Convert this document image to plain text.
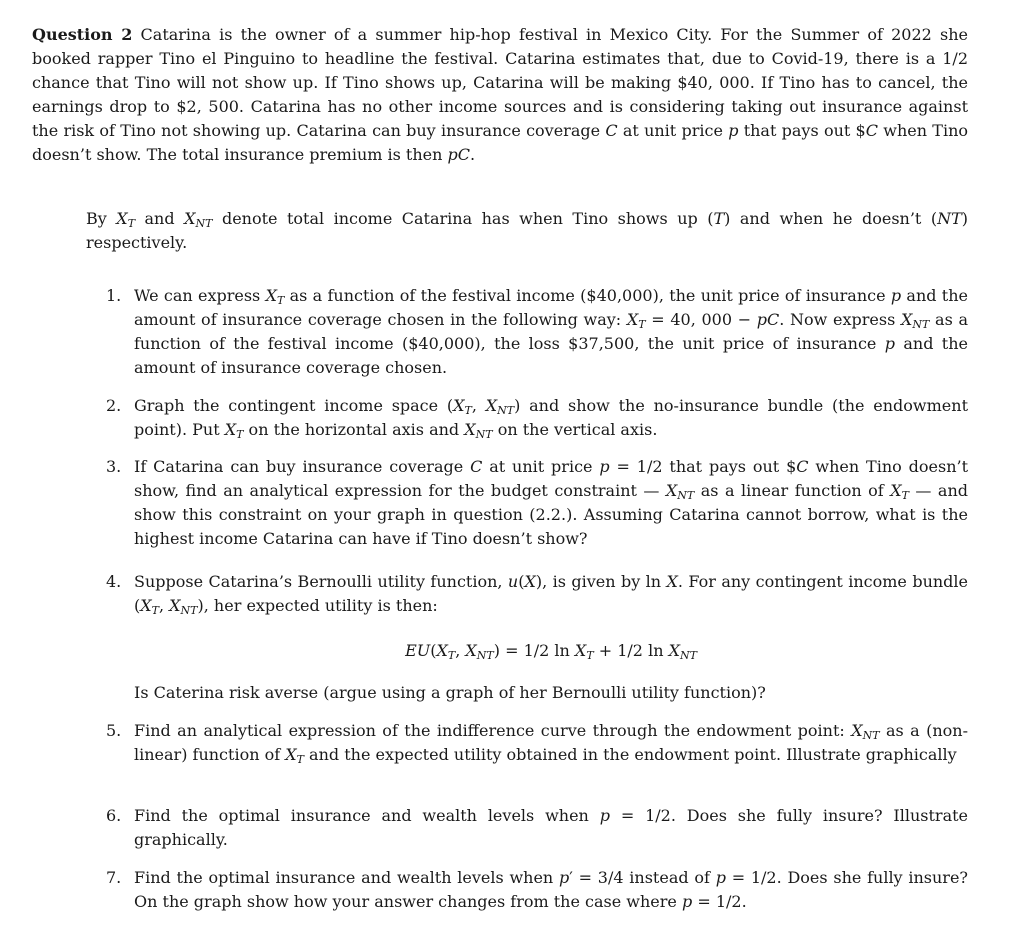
Question 2 Catarina is the owner of a summer hip-hop festival in Mexico City. For the Summer of 2022 she booked rapper Tino el Pinguino to headline the festival. Catarina estimates that, due to Covid-19, there is a 1/2 chance that Tino will not show up. If Tino shows up, Catarina will be making $40, 000. If Tino has to cancel, the earnings drop to $2, 500. Catarina has no other income sources and is considering taking out insurance against the risk of Tino not showing up. Catarina can buy insurance coverage C at unit price p that pays out $C when Tino doesn’t show. The total insurance premium is then pC.
By $X_T$ and $X_{NT}$ denote total income Catarina has when Tino shows up (T) and when he doesn’t (NT) respectively.
1. We can express $X_T$ as a function of the festival income ($40,000), the unit price of insurance p and the amount of insurance coverage chosen in the following way: $X_T = 40$, 000 − pC. Now express $X_{NT}$ as a function of the festival income ($40,000), the loss $37,500, the unit price of insurance p and the amount of insurance coverage chosen.
2. Graph the contingent income space ($X_T$, $X_{NT}$) and show the no-insurance bundle (the endowment point). Put $X_T$ on the horizontal axis and $X_{NT}$ on the vertical axis.
3. If Catarina can buy insurance coverage C at unit price p = 1/2 that pays out $C when Tino doesn’t show, find an analytical expression for the budget constraint — $X_{NT}$ as a linear function of $X_T$ — and show this constraint on your graph in question (2.2.). Assuming Catarina cannot borrow, what is the highest income Catarina can have if Tino doesn’t show?
4. Suppose Catarina’s Bernoulli utility function, u(X), is given by ln X. For any contingent income bundle ($X_T$, $X_{NT}$), her expected utility is then:
$EU(X_T$, $X_{NT}) = 1/2$ $\ln X_T + 1/2$ $\ln X_{NT}$
Is Caterina risk averse (argue using a graph of her Bernoulli utility function)?
5. Find an analytical expression of the indifference curve through the endowment point: $X_{NT}$ as a (non-linear) function of $X_T$ and the expected utility obtained in the endowment point. Illustrate graphically
6. Find the optimal insurance and wealth levels when p = 1/2. Does she fully insure? Illustrate graphically.
7. Find the optimal insurance and wealth levels when p′ = 3/4 instead of p = 1/2. Does she fully insure? On the graph show how your answer changes from the case where p = 1/2.
